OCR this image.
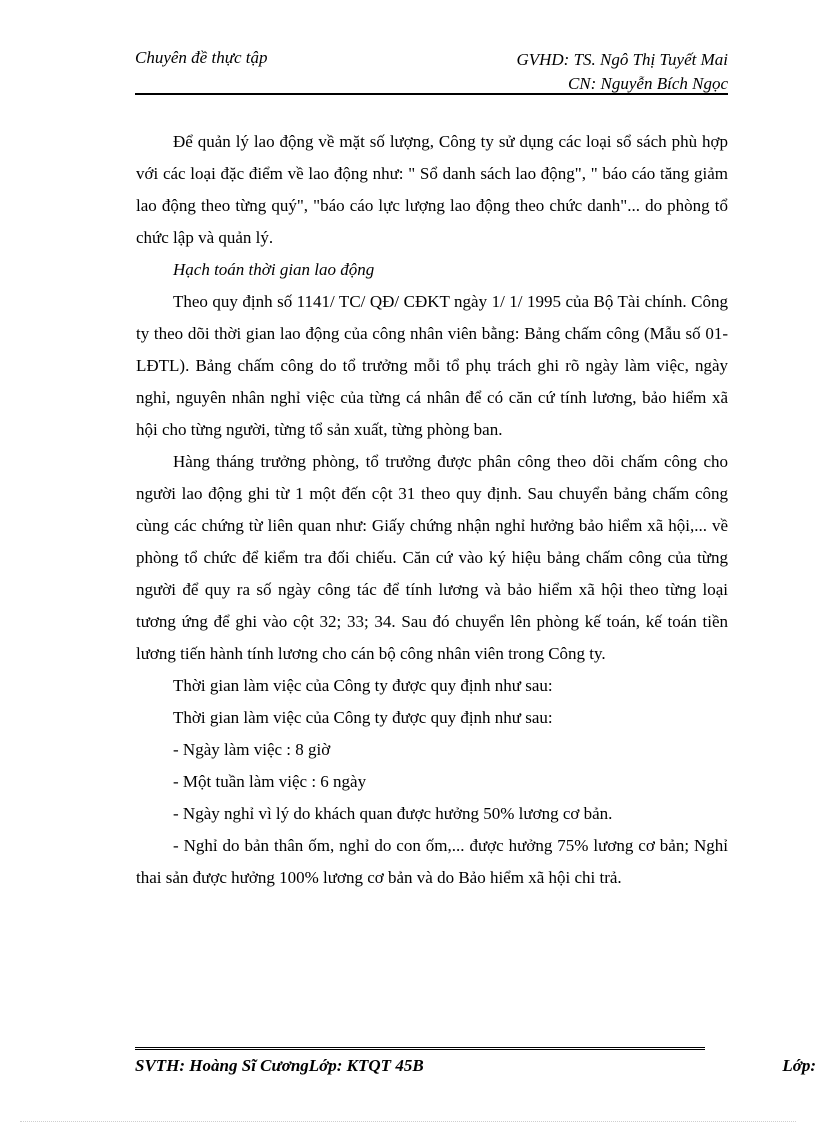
Chuyên đề thực tập	GVHD: TS. Ngô Thị Tuyết Mai
CN: Nguyễn Bích Ngọc

Để quản lý lao động về mặt số lượng, Công ty sử dụng các loại sổ sách phù hợp với các loại đặc điểm về lao động như: " Sổ danh sách lao động", " báo cáo tăng giảm lao động theo từng quý", "báo cáo lực lượng lao động theo chức danh"... do phòng tổ chức lập và quản lý.

Hạch toán thời gian lao động

Theo quy định số 1141/ TC/ QĐ/ CĐKT ngày 1/ 1/ 1995 của Bộ Tài chính. Công ty theo dõi thời gian lao động của công nhân viên bằng: Bảng chấm công (Mẫu số 01- LĐTL). Bảng chấm công do tổ trưởng mỗi tổ phụ trách ghi rõ ngày làm việc, ngày nghỉ, nguyên nhân nghỉ việc của từng cá nhân để có căn cứ tính lương, bảo hiểm xã hội cho từng người, từng tổ sản xuất, từng phòng ban.

Hàng tháng trưởng phòng, tổ trưởng được phân công theo dõi chấm công cho người lao động ghi từ 1 một đến cột 31 theo quy định. Sau chuyển bảng chấm công cùng các chứng từ liên quan như: Giấy chứng nhận nghỉ hưởng bảo hiểm xã hội,... về phòng tổ chức để kiểm tra đối chiếu. Căn cứ vào ký hiệu bảng chấm công của từng người để quy ra số ngày công tác để tính lương và bảo hiểm xã hội theo từng loại tương ứng để ghi vào cột 32; 33; 34. Sau đó chuyển lên phòng kế toán, kế toán tiền lương tiến hành tính lương cho cán bộ công nhân viên trong Công ty.

Thời gian làm việc của Công ty được quy định như sau:

Thời gian làm việc của Công ty được quy định như sau:

- Ngày làm việc : 8 giờ

- Một tuần làm việc : 6 ngày

- Ngày nghỉ vì lý do khách quan được hưởng 50% lương cơ bản.

- Nghỉ do bản thân ốm, nghỉ do con ốm,... được hưởng 75% lương cơ bản; Nghỉ thai sản được hưởng 100% lương cơ bản và do Bảo hiểm xã hội chi trả.

SVTH: Hoàng Sĩ CươngLớp: KTQT 45B	Lớp:
